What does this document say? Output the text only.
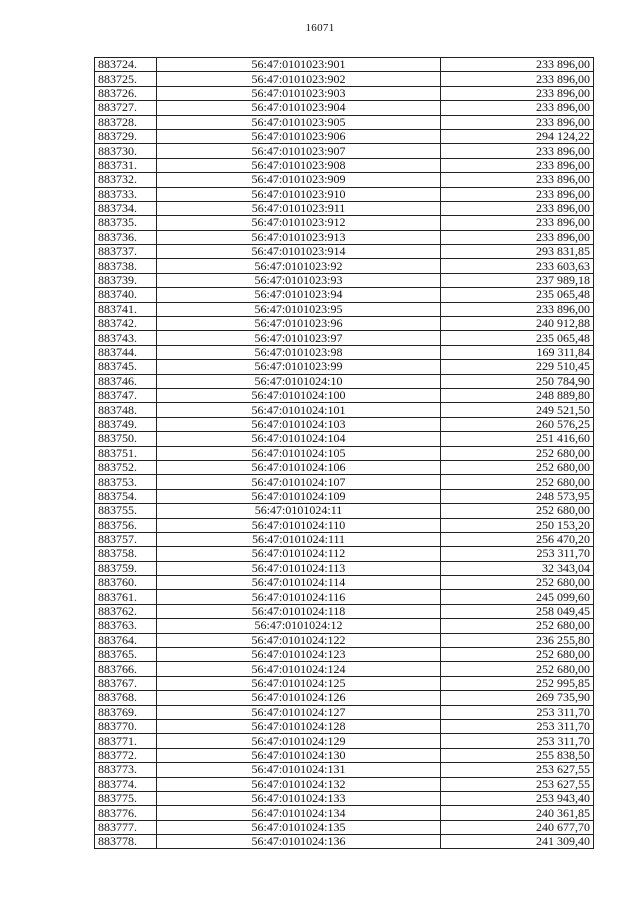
16071
883724.	56:47:0101023:901	233 896,00
883725.	56:47:0101023:902	233 896,00
883726.	56:47:0101023:903	233 896,00
883727.	56:47:0101023:904	233 896,00
883728.	56:47:0101023:905	233 896,00
883729.	56:47:0101023:906	294 124,22
883730.	56:47:0101023:907	233 896,00
883731.	56:47:0101023:908	233 896,00
883732.	56:47:0101023:909	233 896,00
883733.	56:47:0101023:910	233 896,00
883734.	56:47:0101023:911	233 896,00
883735.	56:47:0101023:912	233 896,00
883736.	56:47:0101023:913	233 896,00
883737.	56:47:0101023:914	293 831,85
883738.	56:47:0101023:92	233 603,63
883739.	56:47:0101023:93	237 989,18
883740.	56:47:0101023:94	235 065,48
883741.	56:47:0101023:95	233 896,00
883742.	56:47:0101023:96	240 912,88
883743.	56:47:0101023:97	235 065,48
883744.	56:47:0101023:98	169 311,84
883745.	56:47:0101023:99	229 510,45
883746.	56:47:0101024:10	250 784,90
883747.	56:47:0101024:100	248 889,80
883748.	56:47:0101024:101	249 521,50
883749.	56:47:0101024:103	260 576,25
883750.	56:47:0101024:104	251 416,60
883751.	56:47:0101024:105	252 680,00
883752.	56:47:0101024:106	252 680,00
883753.	56:47:0101024:107	252 680,00
883754.	56:47:0101024:109	248 573,95
883755.	56:47:0101024:11	252 680,00
883756.	56:47:0101024:110	250 153,20
883757.	56:47:0101024:111	256 470,20
883758.	56:47:0101024:112	253 311,70
883759.	56:47:0101024:113	32 343,04
883760.	56:47:0101024:114	252 680,00
883761.	56:47:0101024:116	245 099,60
883762.	56:47:0101024:118	258 049,45
883763.	56:47:0101024:12	252 680,00
883764.	56:47:0101024:122	236 255,80
883765.	56:47:0101024:123	252 680,00
883766.	56:47:0101024:124	252 680,00
883767.	56:47:0101024:125	252 995,85
883768.	56:47:0101024:126	269 735,90
883769.	56:47:0101024:127	253 311,70
883770.	56:47:0101024:128	253 311,70
883771.	56:47:0101024:129	253 311,70
883772.	56:47:0101024:130	255 838,50
883773.	56:47:0101024:131	253 627,55
883774.	56:47:0101024:132	253 627,55
883775.	56:47:0101024:133	253 943,40
883776.	56:47:0101024:134	240 361,85
883777.	56:47:0101024:135	240 677,70
883778.	56:47:0101024:136	241 309,40
